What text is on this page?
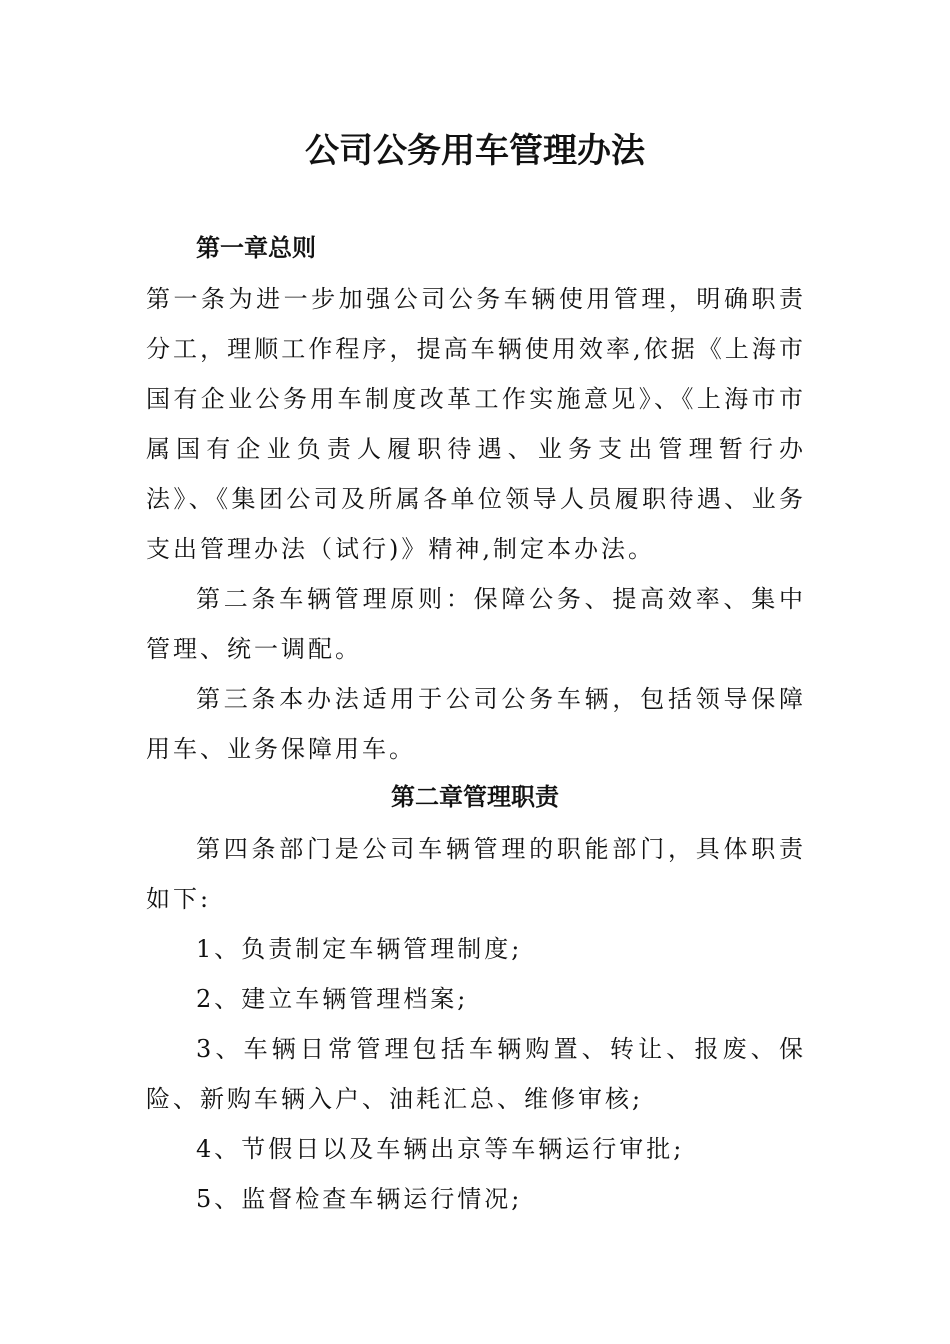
公司公务用车管理办法
第一章总则

第一条为进一步加强公司公务车辆使用管理，明确职责分工，理顺工作程序，提高车辆使用效率,依据《上海市国有企业公务用车制度改革工作实施意见》、《上海市市属国有企业负责人履职待遇、业务支出管理暂行办法》、《集团公司及所属各单位领导人员履职待遇、业务支出管理办法（试行)》精神,制定本办法。

第二条车辆管理原则：保障公务、提高效率、集中管理、统一调配。

第三条本办法适用于公司公务车辆，包括领导保障用车、业务保障用车。

第二章管理职责

第四条部门是公司车辆管理的职能部门，具体职责如下:

1、负责制定车辆管理制度;

2、建立车辆管理档案;

3、车辆日常管理包括车辆购置、转让、报废、保险、新购车辆入户、油耗汇总、维修审核;

4、节假日以及车辆出京等车辆运行审批;

5、监督检查车辆运行情况;
